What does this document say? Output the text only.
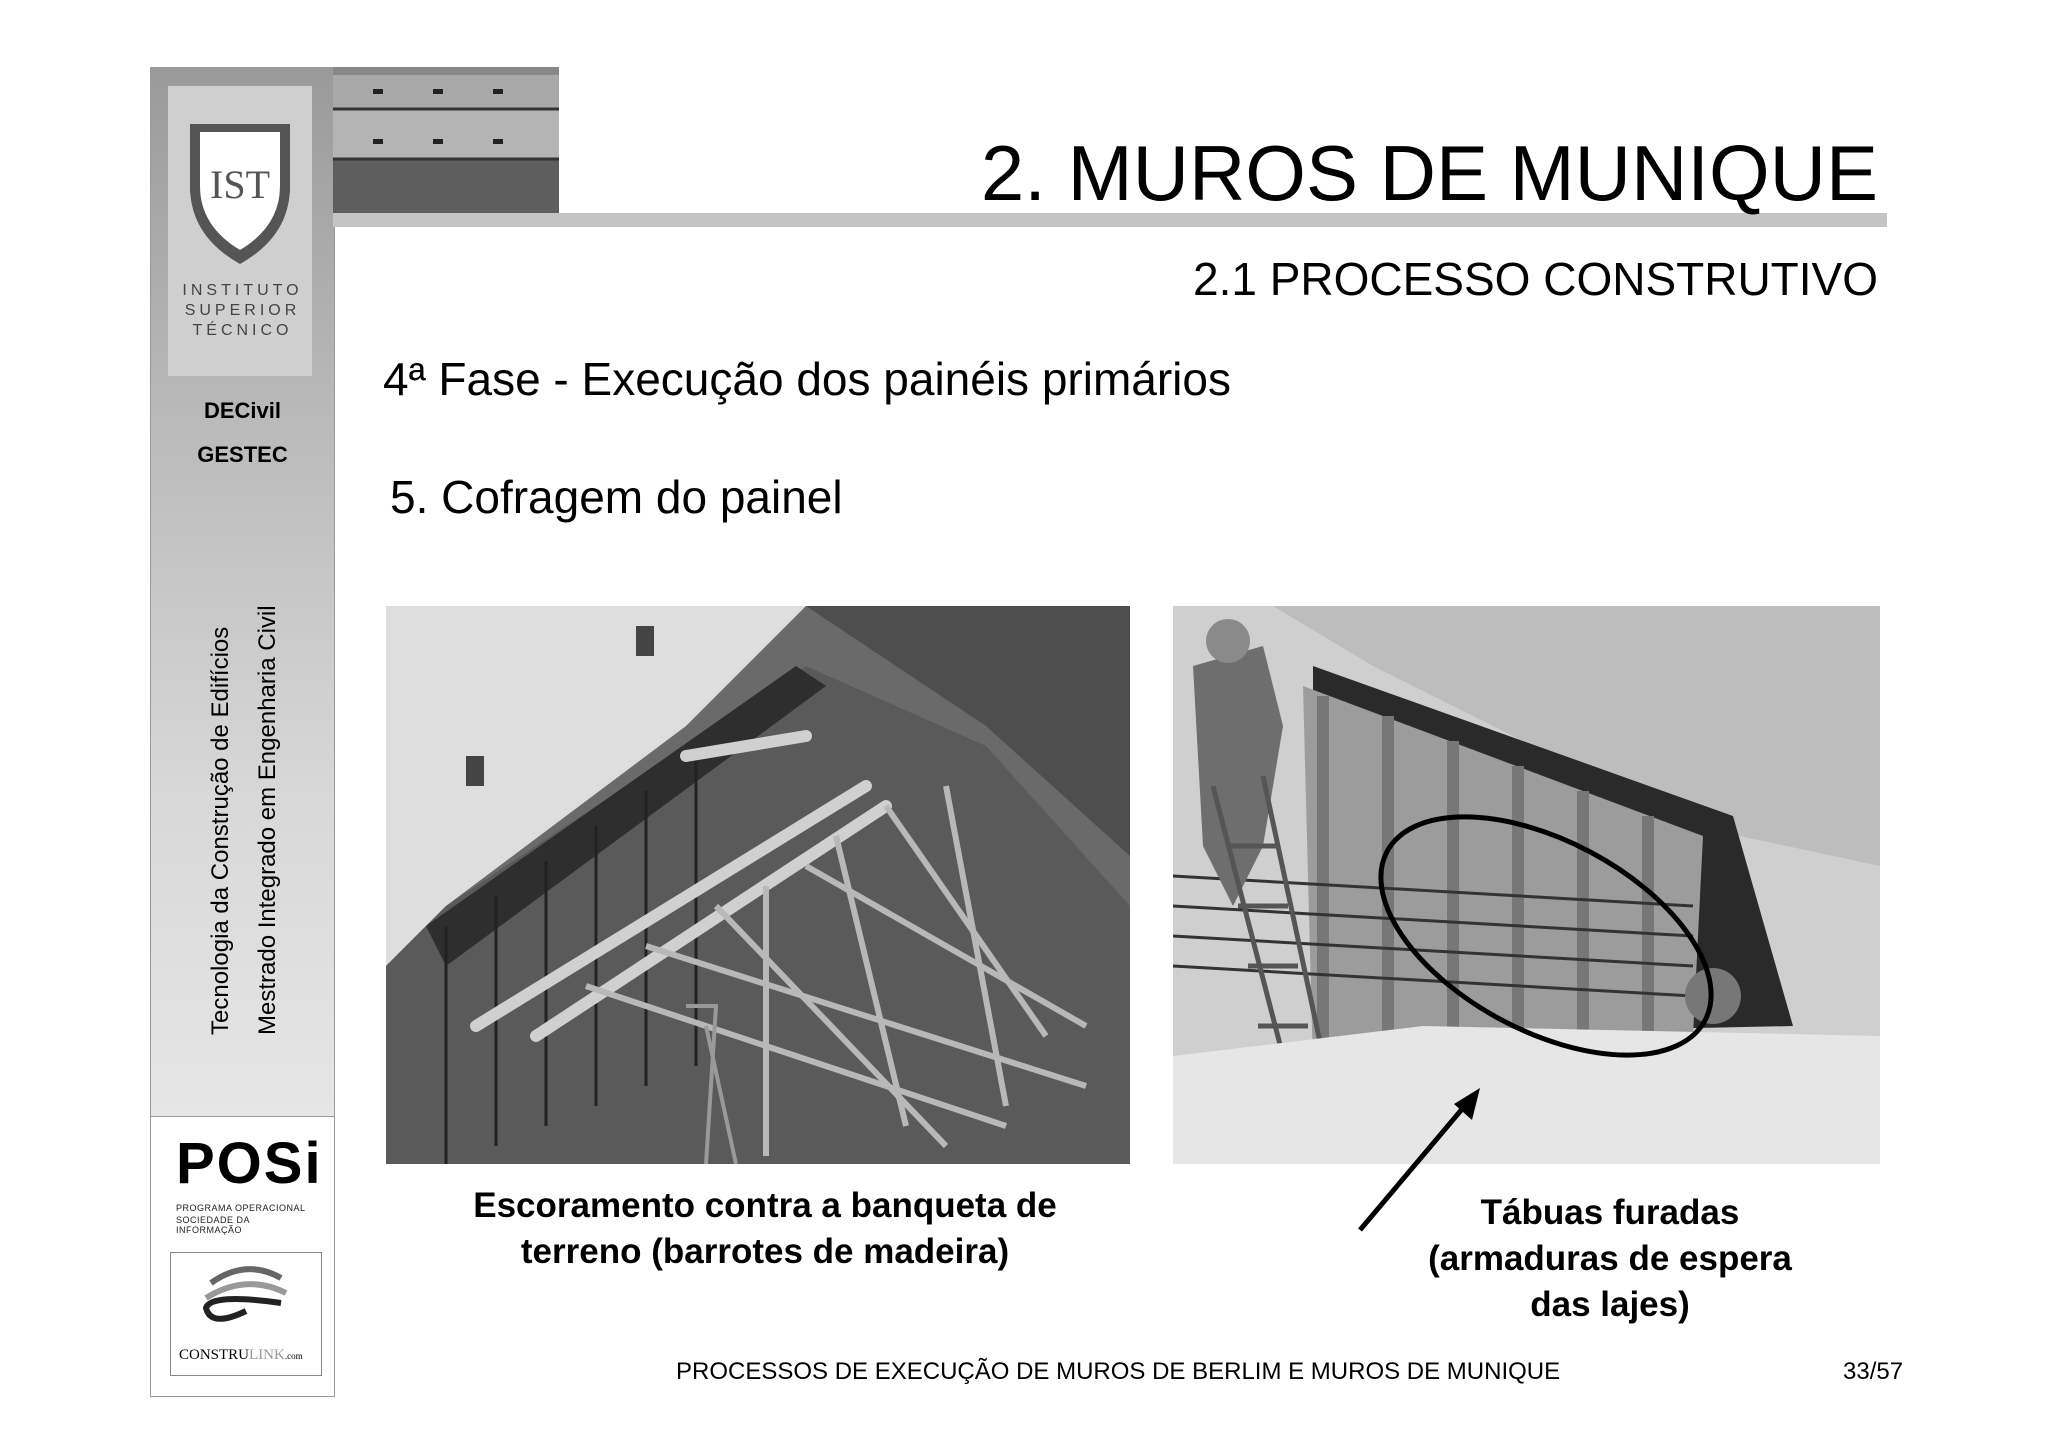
IST
INSTITUTO
SUPERIOR
TÉCNICO
DECivil
GESTEC
Tecnologia da Construção de Edifícios Mestrado Integrado em Engenharia Civil
POSi
PROGRAMA OPERACIONAL
SOCIEDADE DA INFORMAÇÃO
CONSTRULINK.com
2. MUROS DE MUNIQUE
2.1 PROCESSO CONSTRUTIVO
4ª Fase - Execução dos painéis primários
5. Cofragem do painel
Escoramento contra a banqueta de
terreno (barrotes de madeira)
Tábuas furadas
(armaduras de espera
das lajes)
PROCESSOS DE EXECUÇÃO DE MUROS DE BERLIM E MUROS DE MUNIQUE	33/57
